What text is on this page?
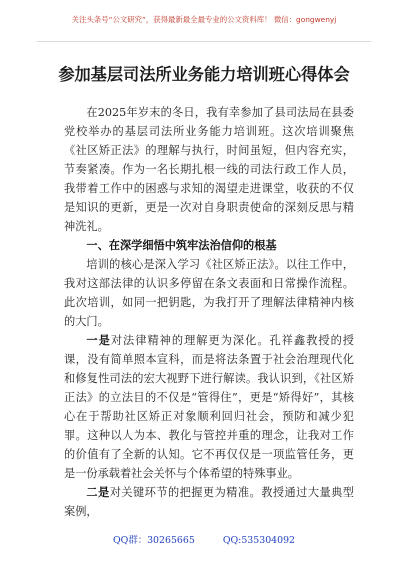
关注头条号“公文研究”，获得最新最全最专业的公文资料库！ 微信：gongwenyj
参加基层司法所业务能力培训班心得体会

在2025年岁末的冬日，我有幸参加了县司法局在县委党校举办的基层司法所业务能力培训班。这次培训聚焦《社区矫正法》的理解与执行，时间虽短，但内容充实，节奏紧凑。作为一名长期扎根一线的司法行政工作人员，我带着工作中的困惑与求知的渴望走进课堂，收获的不仅是知识的更新，更是一次对自身职责使命的深刻反思与精神洗礼。

一、在深学细悟中筑牢法治信仰的根基

培训的核心是深入学习《社区矫正法》。以往工作中，我对这部法律的认识多停留在条文表面和日常操作流程。此次培训，如同一把钥匙，为我打开了理解法律精神内核的大门。

一是对法律精神的理解更为深化。孔祥鑫教授的授课，没有简单照本宣科，而是将法条置于社会治理现代化和修复性司法的宏大视野下进行解读。我认识到，《社区矫正法》的立法目的不仅是“管得住”，更是“矫得好”，其核心在于帮助社区矫正对象顺利回归社会，预防和减少犯罪。这种以人为本、教化与管控并重的理念，让我对工作的价值有了全新的认知。它不再仅仅是一项监管任务，更是一份承载着社会关怀与个体希望的特殊事业。

二是对关键环节的把握更为精准。教授通过大量典型案例，

QQ群：30265665	QQ:535304092
